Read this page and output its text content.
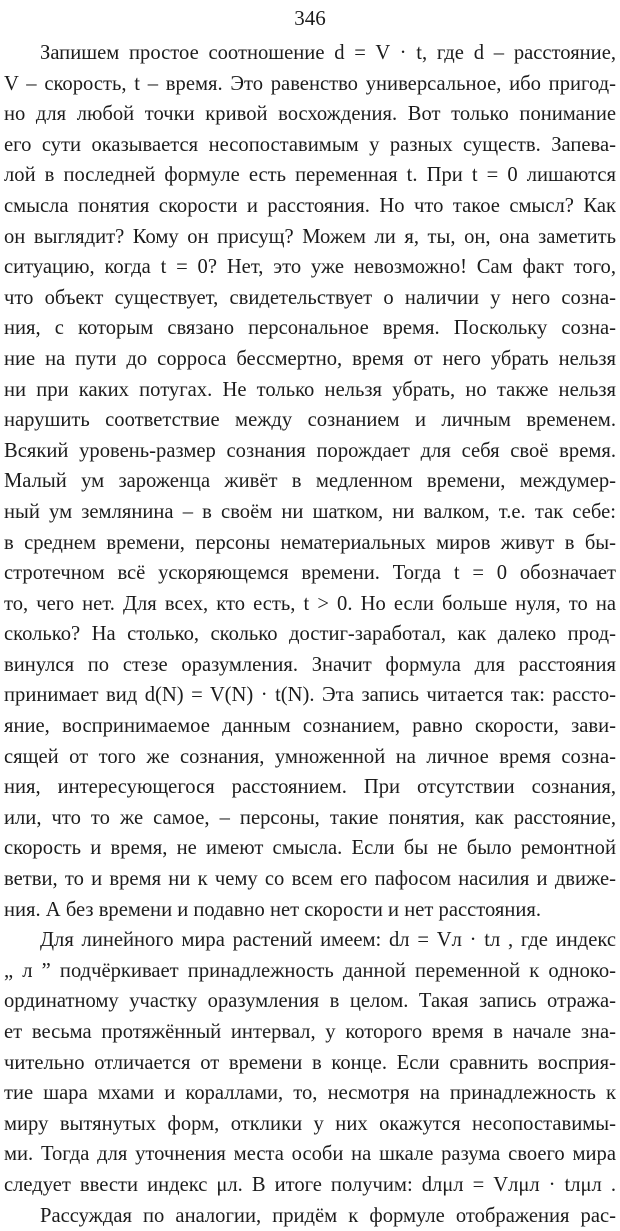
346
Запишем простое соотношение d = V · t, где d – расстояние,
V – скорость, t – время. Это равенство универсальное, ибо пригод-
но для любой точки кривой восхождения. Вот только понимание
его сути оказывается несопоставимым у разных существ. Запева-
лой в последней формуле есть переменная t. При t = 0 лишаются
смысла понятия скорости и расстояния. Но что такое смысл? Как
он выглядит? Кому он присущ? Можем ли я, ты, он, она заметить
ситуацию, когда t = 0? Нет, это уже невозможно! Сам факт того,
что объект существует, свидетельствует о наличии у него созна-
ния, с которым связано персональное время. Поскольку созна-
ние на пути до сорроса бессмертно, время от него убрать нельзя
ни при каких потугах. Не только нельзя убрать, но также нельзя
нарушить соответствие между сознанием и личным временем.
Всякий уровень-размер сознания порождает для себя своё время.
Малый ум зароженца живёт в медленном времени, междумер-
ный ум землянина – в своём ни шатком, ни валком, т.е. так себе:
в среднем времени, персоны нематериальных миров живут в бы-
стротечном всё ускоряющемся времени. Тогда t = 0 обозначает
то, чего нет. Для всех, кто есть, t > 0. Но если больше нуля, то на
сколько? На столько, сколько достиг-заработал, как далеко прод-
винулся по стезе оразумления. Значит формула для расстояния
принимает вид d(N) = V(N) · t(N). Эта запись читается так: рассто-
яние, воспринимаемое данным сознанием, равно скорости, зави-
сящей от того же сознания, умноженной на личное время созна-
ния, интересующегося расстоянием. При отсутствии сознания,
или, что то же самое, – персоны, такие понятия, как расстояние,
скорость и время, не имеют смысла. Если бы не было ремонтной
ветви, то и время ни к чему со всем его пафосом насилия и движе-
ния. А без времени и подавно нет скорости и нет расстояния.
Для линейного мира растений имеем: dл = Vл · tл , где индекс
„ л ” подчёркивает принадлежность данной переменной к одноко-
ординатному участку оразумления в целом. Такая запись отража-
ет весьма протяжённый интервал, у которого время в начале зна-
чительно отличается от времени в конце. Если сравнить восприя-
тие шара мхами и кораллами, то, несмотря на принадлежность к
миру вытянутых форм, отклики у них окажутся несопоставимы-
ми. Тогда для уточнения места особи на шкале разума своего мира
следует ввести индекс μл. В итоге получим: dлμл = Vлμл · tлμл .
Рассуждая по аналогии, придём к формуле отображения рас-
